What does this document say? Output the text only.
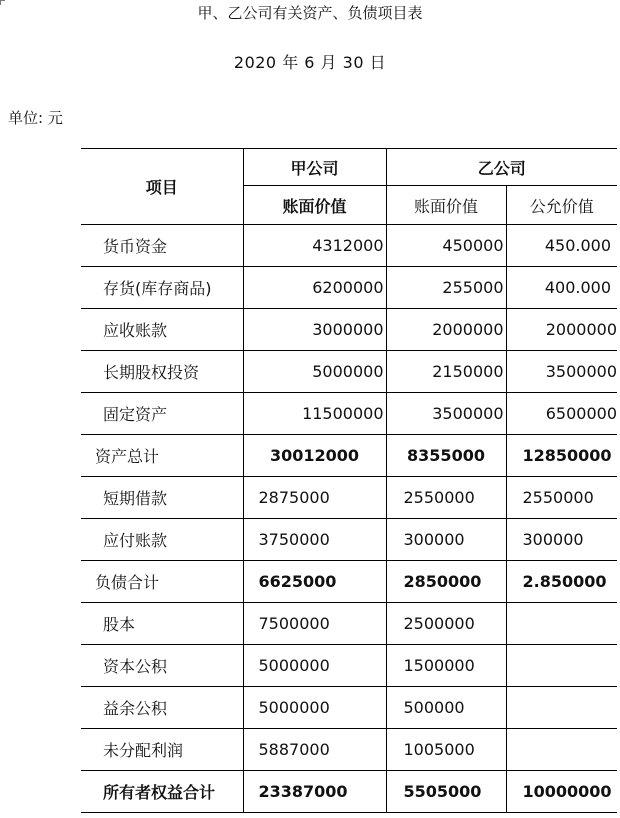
甲、乙公司有关资产、负债项目表
2020 年 6 月 30 日
单位: 元
项目	甲公司	乙公司	
	账面价值	账面价值	公允价值
货币资金	4312000	450000	450.000
存货(库存商品)	6200000	255000	400.000
应收账款	3000000	2000000	2000000
长期股权投资	5000000	2150000	3500000
固定资产	11500000	3500000	6500000
资产总计	30012000	8355000	12850000
短期借款	2875000	2550000	2550000
应付账款	3750000	300000	300000
负债合计	6625000	2850000	2.850000
股本	7500000	2500000	
资本公积	5000000	1500000	
益余公积	5000000	500000	
未分配利润	5887000	1005000	
所有者权益合计	23387000	5505000	10000000
